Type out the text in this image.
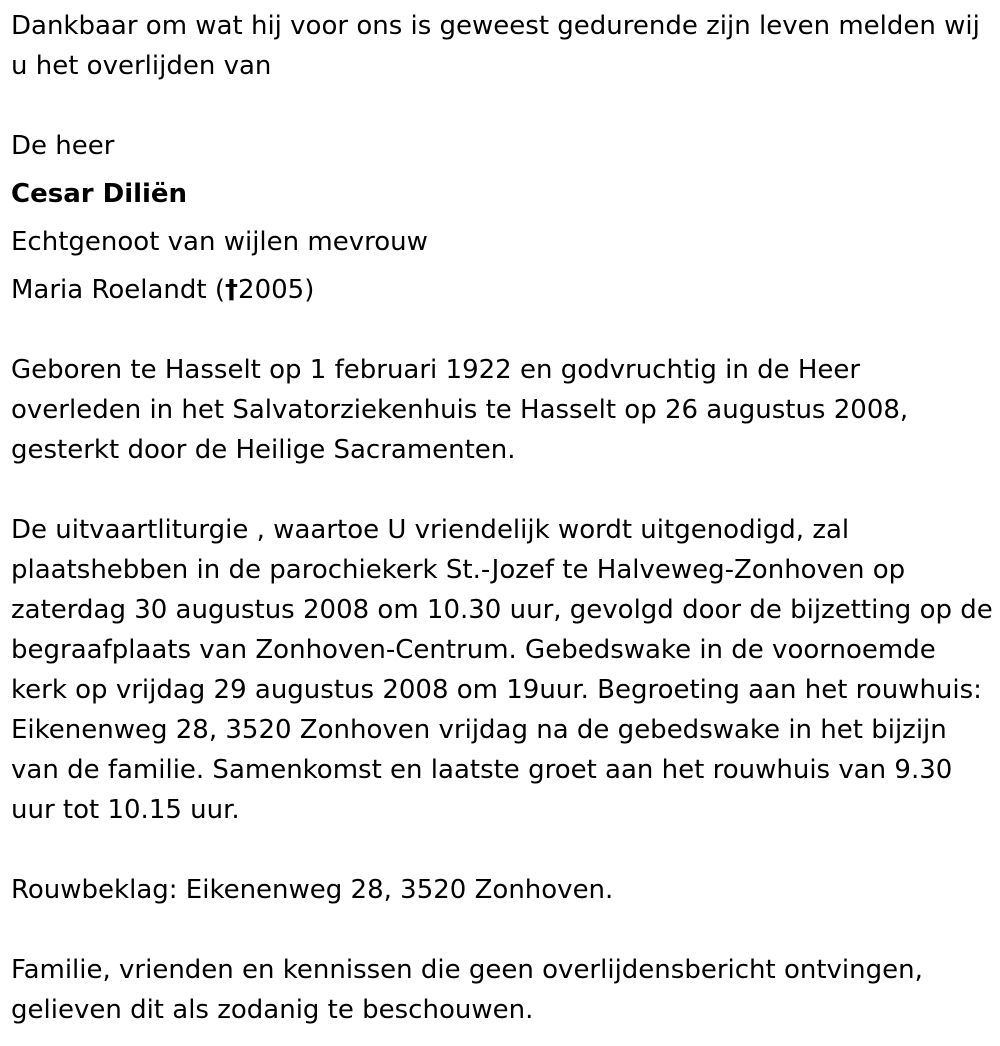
Dankbaar om wat hij voor ons is geweest gedurende zijn leven melden wij u het overlijden van

De heer
Cesar Diliën
Echtgenoot van wijlen mevrouw
Maria Roelandt (†2005)

Geboren te Hasselt op 1 februari 1922 en godvruchtig in de Heer overleden in het Salvatorziekenhuis te Hasselt op 26 augustus 2008, gesterkt door de Heilige Sacramenten.

De uitvaartliturgie , waartoe U vriendelijk wordt uitgenodigd, zal plaatshebben in de parochiekerk St.-Jozef te Halveweg-Zonhoven op zaterdag 30 augustus 2008 om 10.30 uur, gevolgd door de bijzetting op de begraafplaats van Zonhoven-Centrum. Gebedswake in de voornoemde kerk op vrijdag 29 augustus 2008 om 19uur. Begroeting aan het rouwhuis: Eikenenweg 28, 3520 Zonhoven vrijdag na de gebedswake in het bijzijn van de familie. Samenkomst en laatste groet aan het rouwhuis van 9.30 uur tot 10.15 uur.

Rouwbeklag: Eikenenweg 28, 3520 Zonhoven.

Familie, vrienden en kennissen die geen overlijdensbericht ontvingen, gelieven dit als zodanig te beschouwen.
